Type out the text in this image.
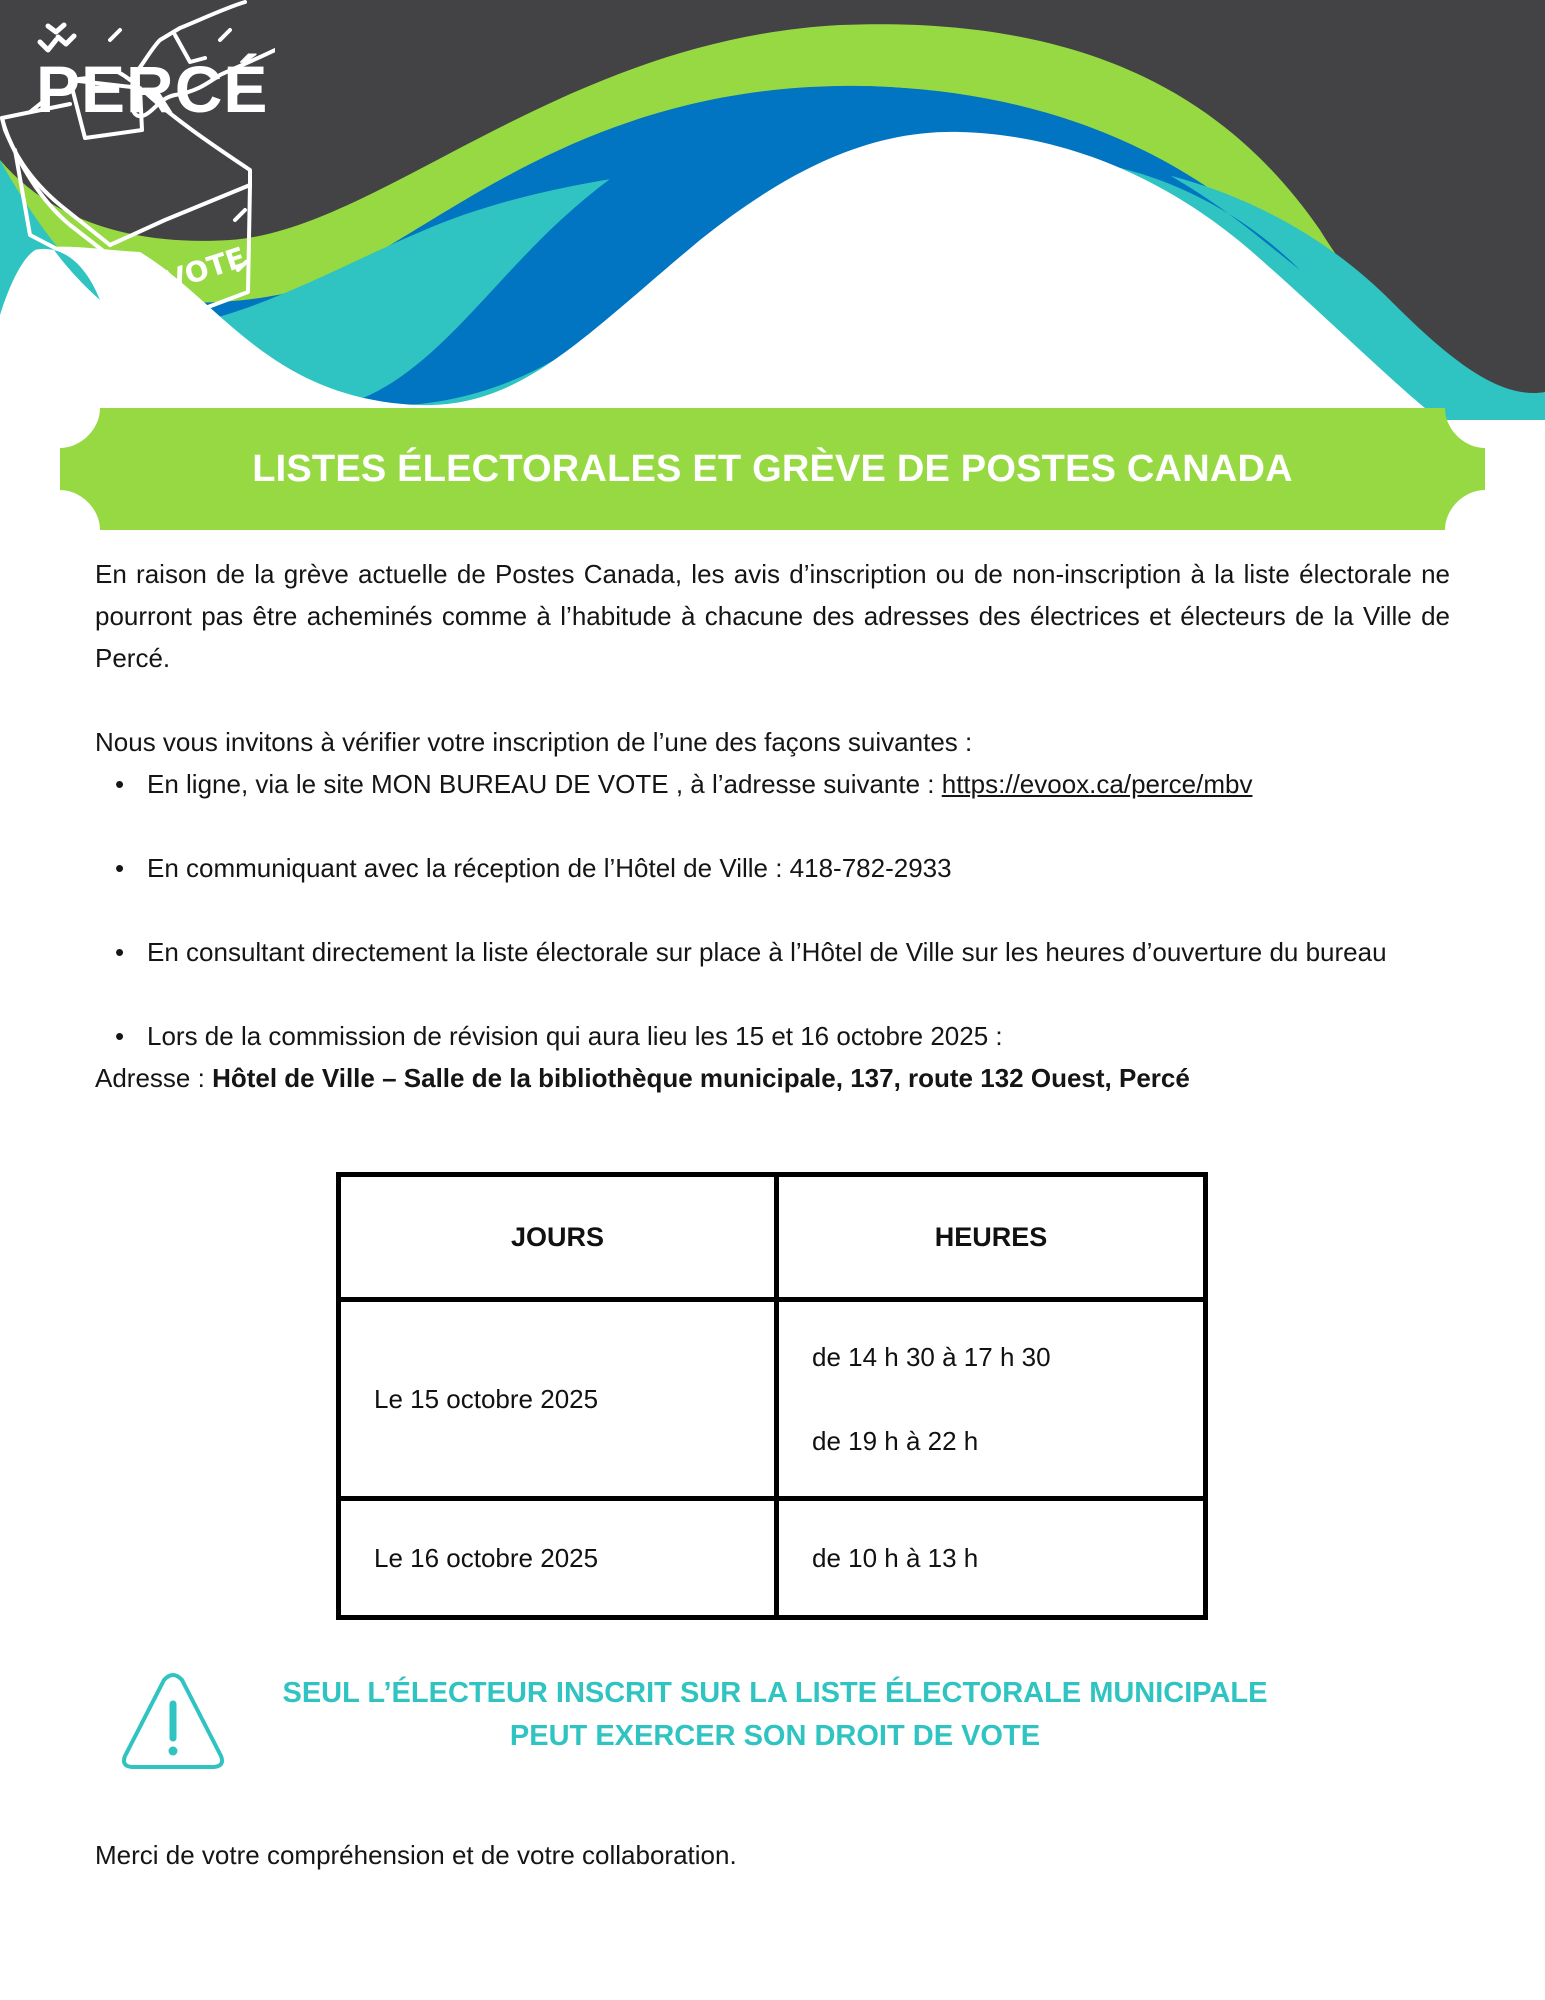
PERCÉ
VOTE
LISTES ÉLECTORALES ET GRÈVE DE POSTES CANADA

En raison de la grève actuelle de Postes Canada, les avis d’inscription ou de non-inscription à la liste électorale ne pourront pas être acheminés comme à l’habitude à chacune des adresses des électrices et électeurs de la Ville de Percé.

Nous vous invitons à vérifier votre inscription de l’une des façons suivantes :

• En ligne, via le site MON BUREAU DE VOTE , à l’adresse suivante : https://evoox.ca/perce/mbv
• En communiquant avec la réception de l’Hôtel de Ville : 418-782-2933
• En consultant directement la liste électorale sur place à l’Hôtel de Ville sur les heures d’ouverture du bureau
• Lors de la commission de révision qui aura lieu les 15 et 16 octobre 2025 :
Adresse : Hôtel de Ville – Salle de la bibliothèque municipale, 137, route 132 Ouest, Percé
JOURS	HEURES
Le 15 octobre 2025	de 14 h 30 à 17 h 30
de 19 h à 22 h

Le 16 octobre 2025	de 10 h à 13 h
SEUL L’ÉLECTEUR INSCRIT SUR LA LISTE ÉLECTORALE MUNICIPALE
PEUT EXERCER SON DROIT DE VOTE
Merci de votre compréhension et de votre collaboration.
